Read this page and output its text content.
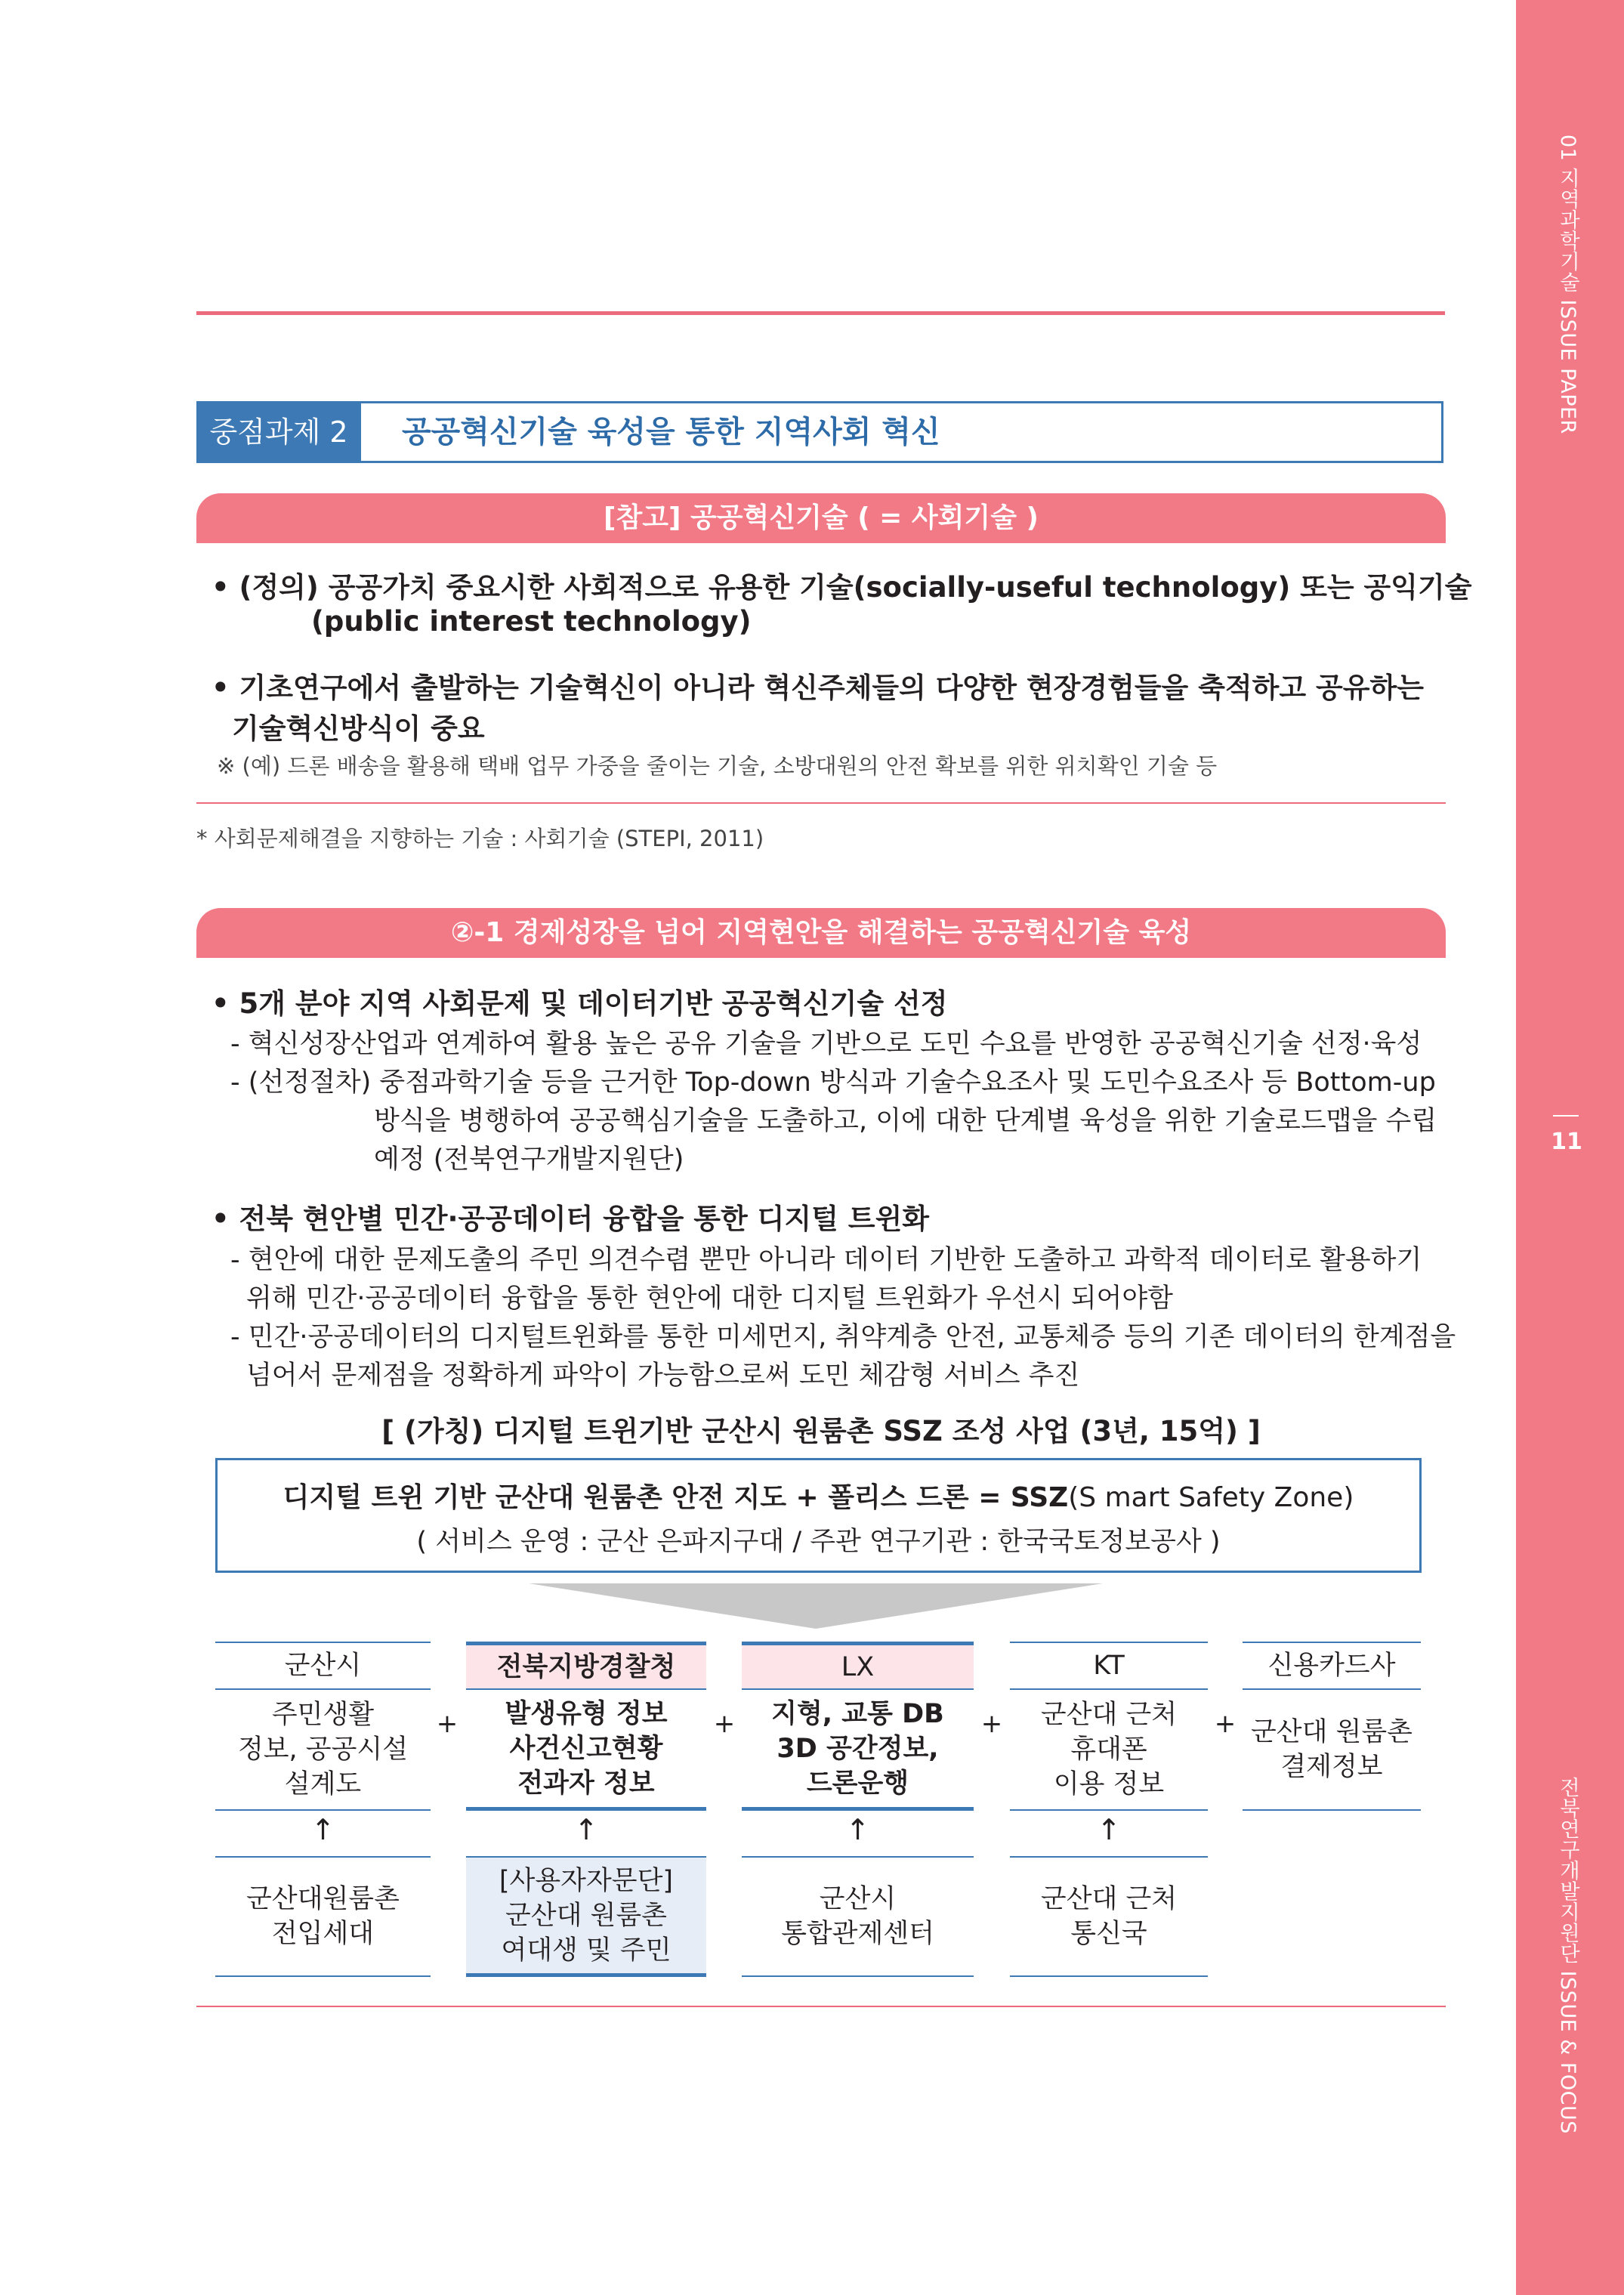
01 지역과학기술 ISSUE PAPER
11
전북연구개발지원단 ISSUE & FOCUS
중점과제 2	공공혁신기술 육성을 통한 지역사회 혁신
[참고] 공공혁신기술 ( = 사회기술 )
• (정의) 공공가치 중요시한 사회적으로 유용한 기술(socially-useful technology) 또는 공익기술
(public interest technology)
• 기초연구에서 출발하는 기술혁신이 아니라 혁신주체들의 다양한 현장경험들을 축적하고 공유하는
기술혁신방식이 중요
※ (예) 드론 배송을 활용해 택배 업무 가중을 줄이는 기술, 소방대원의 안전 확보를 위한 위치확인 기술 등
* 사회문제해결을 지향하는 기술 : 사회기술 (STEPI, 2011)
②-1 경제성장을 넘어 지역현안을 해결하는 공공혁신기술 육성
• 5개 분야 지역 사회문제 및 데이터기반 공공혁신기술 선정
- 혁신성장산업과 연계하여 활용 높은 공유 기술을 기반으로 도민 수요를 반영한 공공혁신기술 선정·육성
- (선정절차) 중점과학기술 등을 근거한 Top-down 방식과 기술수요조사 및 도민수요조사 등 Bottom-up
방식을 병행하여 공공핵심기술을 도출하고, 이에 대한 단계별 육성을 위한 기술로드맵을 수립
예정 (전북연구개발지원단)
• 전북 현안별 민간·공공데이터 융합을 통한 디지털 트윈화
- 현안에 대한 문제도출의 주민 의견수렴 뿐만 아니라 데이터 기반한 도출하고 과학적 데이터로 활용하기
위해 민간·공공데이터 융합을 통한 현안에 대한 디지털 트윈화가 우선시 되어야함
- 민간·공공데이터의 디지털트윈화를 통한 미세먼지, 취약계층 안전, 교통체증 등의 기존 데이터의 한계점을
넘어서 문제점을 정확하게 파악이 가능함으로써 도민 체감형 서비스 추진
[ (가칭) 디지털 트윈기반 군산시 원룸촌 SSZ 조성 사업 (3년, 15억) ]
디지털 트윈 기반 군산대 원룸촌 안전 지도 + 폴리스 드론 = SSZ(S mart Safety Zone)
( 서비스 운영 : 군산 은파지구대 / 주관 연구기관 : 한국국토정보공사 )
군산시
주민생활
정보, 공공시설
설계도
↑
군산대원룸촌
전입세대
+
전북지방경찰청
발생유형 정보
사건신고현황
전과자 정보
↑
[사용자자문단]
군산대 원룸촌
여대생 및 주민
+
LX
지형, 교통 DB
3D 공간정보,
드론운행
↑
군산시
통합관제센터
+
KT
군산대 근처
휴대폰
이용 정보
↑
군산대 근처
통신국
+
신용카드사
군산대 원룸촌
결제정보
